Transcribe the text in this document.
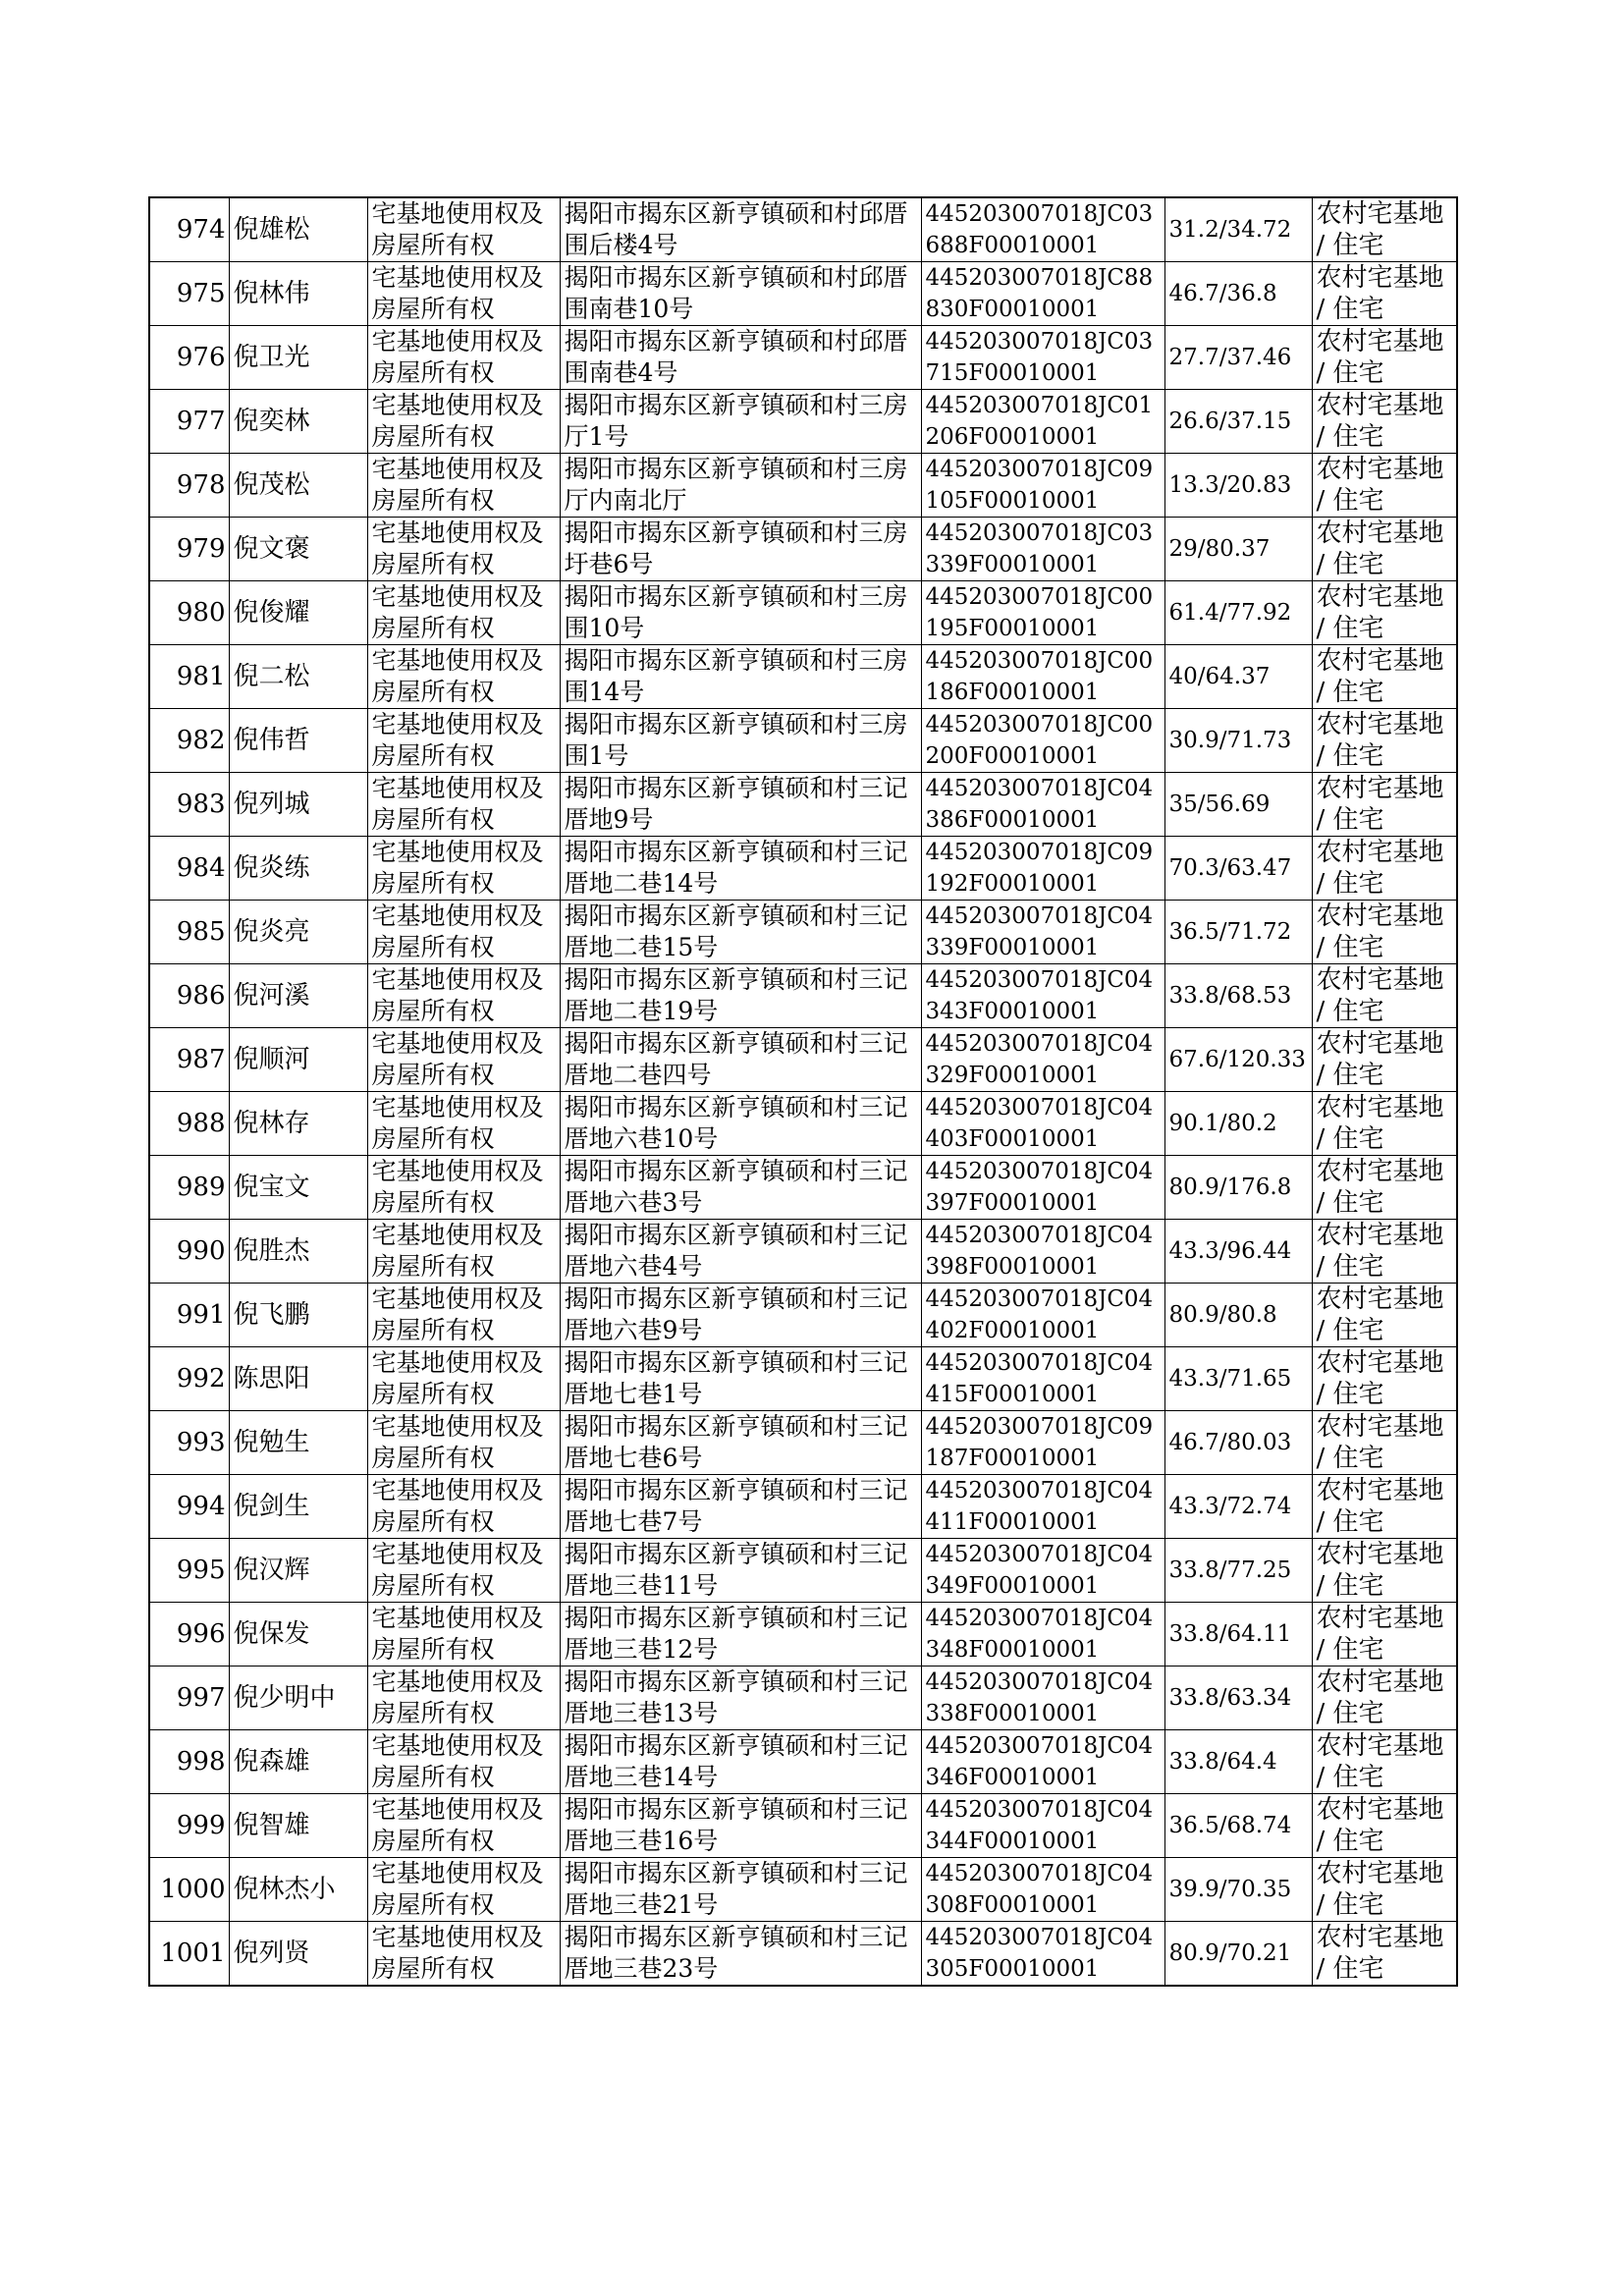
974	倪雄松	宅基地使用权及房屋所有权	揭阳市揭东区新亨镇硕和村邱厝围后楼4号	445203007018JC03688F00010001	31.2/34.72	农村宅基地 / 住宅
975	倪林伟	宅基地使用权及房屋所有权	揭阳市揭东区新亨镇硕和村邱厝围南巷10号	445203007018JC88830F00010001	46.7/36.8	农村宅基地 / 住宅
976	倪卫光	宅基地使用权及房屋所有权	揭阳市揭东区新亨镇硕和村邱厝围南巷4号	445203007018JC03715F00010001	27.7/37.46	农村宅基地 / 住宅
977	倪奕林	宅基地使用权及房屋所有权	揭阳市揭东区新亨镇硕和村三房厅1号	445203007018JC01206F00010001	26.6/37.15	农村宅基地 / 住宅
978	倪茂松	宅基地使用权及房屋所有权	揭阳市揭东区新亨镇硕和村三房厅内南北厅	445203007018JC09105F00010001	13.3/20.83	农村宅基地 / 住宅
979	倪文褒	宅基地使用权及房屋所有权	揭阳市揭东区新亨镇硕和村三房圩巷6号	445203007018JC03339F00010001	29/80.37	农村宅基地 / 住宅
980	倪俊耀	宅基地使用权及房屋所有权	揭阳市揭东区新亨镇硕和村三房围10号	445203007018JC00195F00010001	61.4/77.92	农村宅基地 / 住宅
981	倪二松	宅基地使用权及房屋所有权	揭阳市揭东区新亨镇硕和村三房围14号	445203007018JC00186F00010001	40/64.37	农村宅基地 / 住宅
982	倪伟哲	宅基地使用权及房屋所有权	揭阳市揭东区新亨镇硕和村三房围1号	445203007018JC00200F00010001	30.9/71.73	农村宅基地 / 住宅
983	倪列城	宅基地使用权及房屋所有权	揭阳市揭东区新亨镇硕和村三记厝地9号	445203007018JC04386F00010001	35/56.69	农村宅基地 / 住宅
984	倪炎练	宅基地使用权及房屋所有权	揭阳市揭东区新亨镇硕和村三记厝地二巷14号	445203007018JC09192F00010001	70.3/63.47	农村宅基地 / 住宅
985	倪炎亮	宅基地使用权及房屋所有权	揭阳市揭东区新亨镇硕和村三记厝地二巷15号	445203007018JC04339F00010001	36.5/71.72	农村宅基地 / 住宅
986	倪河溪	宅基地使用权及房屋所有权	揭阳市揭东区新亨镇硕和村三记厝地二巷19号	445203007018JC04343F00010001	33.8/68.53	农村宅基地 / 住宅
987	倪顺河	宅基地使用权及房屋所有权	揭阳市揭东区新亨镇硕和村三记厝地二巷四号	445203007018JC04329F00010001	67.6/120.33	农村宅基地 / 住宅
988	倪林存	宅基地使用权及房屋所有权	揭阳市揭东区新亨镇硕和村三记厝地六巷10号	445203007018JC04403F00010001	90.1/80.2	农村宅基地 / 住宅
989	倪宝文	宅基地使用权及房屋所有权	揭阳市揭东区新亨镇硕和村三记厝地六巷3号	445203007018JC04397F00010001	80.9/176.8	农村宅基地 / 住宅
990	倪胜杰	宅基地使用权及房屋所有权	揭阳市揭东区新亨镇硕和村三记厝地六巷4号	445203007018JC04398F00010001	43.3/96.44	农村宅基地 / 住宅
991	倪飞鹏	宅基地使用权及房屋所有权	揭阳市揭东区新亨镇硕和村三记厝地六巷9号	445203007018JC04402F00010001	80.9/80.8	农村宅基地 / 住宅
992	陈思阳	宅基地使用权及房屋所有权	揭阳市揭东区新亨镇硕和村三记厝地七巷1号	445203007018JC04415F00010001	43.3/71.65	农村宅基地 / 住宅
993	倪勉生	宅基地使用权及房屋所有权	揭阳市揭东区新亨镇硕和村三记厝地七巷6号	445203007018JC09187F00010001	46.7/80.03	农村宅基地 / 住宅
994	倪剑生	宅基地使用权及房屋所有权	揭阳市揭东区新亨镇硕和村三记厝地七巷7号	445203007018JC04411F00010001	43.3/72.74	农村宅基地 / 住宅
995	倪汉辉	宅基地使用权及房屋所有权	揭阳市揭东区新亨镇硕和村三记厝地三巷11号	445203007018JC04349F00010001	33.8/77.25	农村宅基地 / 住宅
996	倪保发	宅基地使用权及房屋所有权	揭阳市揭东区新亨镇硕和村三记厝地三巷12号	445203007018JC04348F00010001	33.8/64.11	农村宅基地 / 住宅
997	倪少明中	宅基地使用权及房屋所有权	揭阳市揭东区新亨镇硕和村三记厝地三巷13号	445203007018JC04338F00010001	33.8/63.34	农村宅基地 / 住宅
998	倪森雄	宅基地使用权及房屋所有权	揭阳市揭东区新亨镇硕和村三记厝地三巷14号	445203007018JC04346F00010001	33.8/64.4	农村宅基地 / 住宅
999	倪智雄	宅基地使用权及房屋所有权	揭阳市揭东区新亨镇硕和村三记厝地三巷16号	445203007018JC04344F00010001	36.5/68.74	农村宅基地 / 住宅
1000	倪林杰小	宅基地使用权及房屋所有权	揭阳市揭东区新亨镇硕和村三记厝地三巷21号	445203007018JC04308F00010001	39.9/70.35	农村宅基地 / 住宅
1001	倪列贤	宅基地使用权及房屋所有权	揭阳市揭东区新亨镇硕和村三记厝地三巷23号	445203007018JC04305F00010001	80.9/70.21	农村宅基地 / 住宅
